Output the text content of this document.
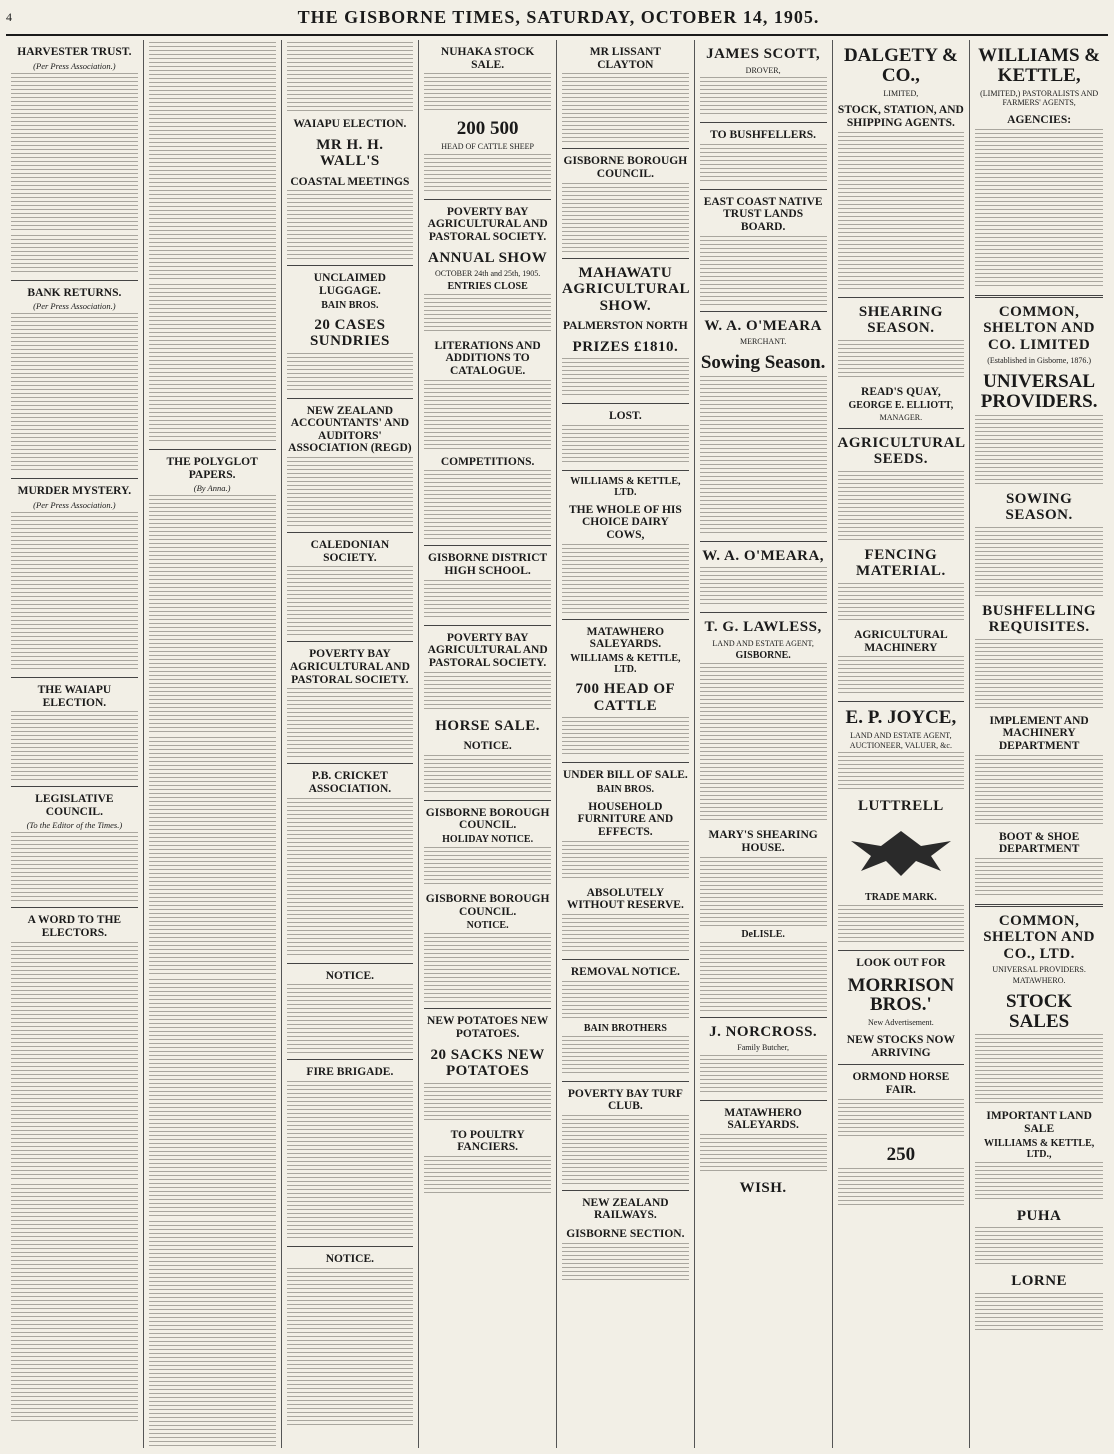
4	THE GISBORNE TIMES, SATURDAY, OCTOBER 14, 1905.

HARVESTER TRUST.
(Per Press Association.)
BANK RETURNS.
(Per Press Association.)
MURDER MYSTERY.
(Per Press Association.)
THE WAIAPU ELECTION.
LEGISLATIVE COUNCIL.
(To the Editor of the Times.)
A WORD TO THE ELECTORS.
THE POLYGLOT PAPERS.
(By Anna.)
WAIAPU ELECTION.
MR H. H. WALL'S
COASTAL MEETINGS
UNCLAIMED LUGGAGE.
BAIN BROS.
20 CASES SUNDRIES
NEW ZEALAND ACCOUNTANTS' AND AUDITORS' ASSOCIATION (REGD)
CALEDONIAN SOCIETY.
POVERTY BAY AGRICULTURAL AND PASTORAL SOCIETY.
P.B. CRICKET ASSOCIATION.
NOTICE.
FIRE BRIGADE.
NOTICE.
NUHAKA STOCK SALE.
200 500
HEAD OF CATTLE SHEEP
POVERTY BAY AGRICULTURAL AND PASTORAL SOCIETY.
ANNUAL SHOW
OCTOBER 24th and 25th, 1905.
ENTRIES CLOSE
LITERATIONS AND ADDITIONS TO CATALOGUE.
COMPETITIONS.
GISBORNE DISTRICT HIGH SCHOOL.
POVERTY BAY AGRICULTURAL AND PASTORAL SOCIETY.
HORSE SALE.
NOTICE.
GISBORNE BOROUGH COUNCIL.
HOLIDAY NOTICE.
GISBORNE BOROUGH COUNCIL.
NOTICE.
NEW POTATOES NEW POTATOES.
20 SACKS NEW POTATOES
TO POULTRY FANCIERS.
MR LISSANT CLAYTON
GISBORNE BOROUGH COUNCIL.
MAHAWATU AGRICULTURAL SHOW.
PALMERSTON NORTH
PRIZES £1810.
LOST.
WILLIAMS & KETTLE, LTD.
THE WHOLE OF HIS CHOICE DAIRY COWS,
MATAWHERO SALEYARDS.
WILLIAMS & KETTLE, LTD.
700 HEAD OF CATTLE
UNDER BILL OF SALE.
BAIN BROS.
HOUSEHOLD FURNITURE AND EFFECTS.
ABSOLUTELY WITHOUT RESERVE.
REMOVAL NOTICE.
BAIN BROTHERS
POVERTY BAY TURF CLUB.
NEW ZEALAND RAILWAYS.
GISBORNE SECTION.
JAMES SCOTT,
DROVER,
TO BUSHFELLERS.
EAST COAST NATIVE TRUST LANDS BOARD.
W. A. O'MEARA
MERCHANT.
Sowing Season.
W. A. O'MEARA,
T. G. LAWLESS,
LAND AND ESTATE AGENT,
GISBORNE.
MARY'S SHEARING HOUSE.
DeLISLE.
J. NORCROSS.
Family Butcher,
MATAWHERO SALEYARDS.
WISH.
DALGETY & CO.,
LIMITED,
STOCK, STATION, AND SHIPPING AGENTS.
SHEARING SEASON.
READ'S QUAY,
GEORGE E. ELLIOTT,
MANAGER.
AGRICULTURAL SEEDS.
FENCING MATERIAL.
AGRICULTURAL MACHINERY
E. P. JOYCE,
LAND AND ESTATE AGENT, AUCTIONEER, VALUER, &c.
LUTTRELL
TRADE MARK.
LOOK OUT FOR
MORRISON BROS.'
New Advertisement.
NEW STOCKS NOW ARRIVING
ORMOND HORSE FAIR.
250
WILLIAMS & KETTLE,
(LIMITED,) PASTORALISTS AND FARMERS' AGENTS,
AGENCIES:
COMMON, SHELTON AND CO. LIMITED
(Established in Gisborne, 1876.)
UNIVERSAL PROVIDERS.
SOWING SEASON.
BUSHFELLING REQUISITES.
IMPLEMENT AND MACHINERY DEPARTMENT
BOOT & SHOE DEPARTMENT
COMMON, SHELTON AND CO., LTD.
UNIVERSAL PROVIDERS.
MATAWHERO.
STOCK SALES
IMPORTANT LAND SALE
WILLIAMS & KETTLE, LTD.,
PUHA
LORNE
